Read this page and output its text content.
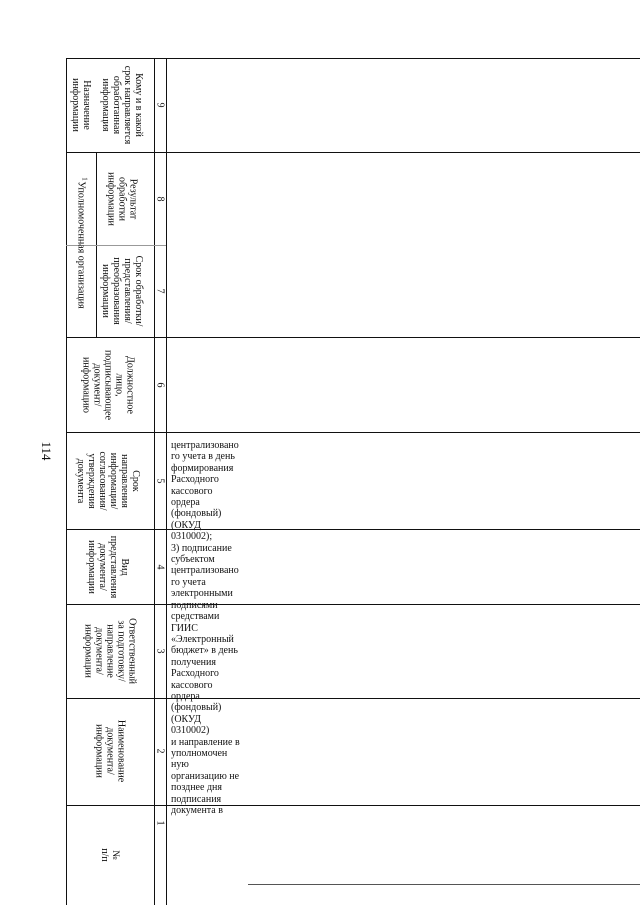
114
Кому и в какой
срок направляется
обработанная
информация
Результат
обработки
информации
Срок обработки/
представления/
преобразования
информации
Должностное
лицо,
подписывающее
документ/
информацию
Срок
направления
информации/
согласования/
утверждения
документа
Вид
представления
документа/
информации
Ответственный
за подготовку/
направление
документа/
информации
Наименование
документа/
информации
№
п/п
Назначение
информации
Уполномоченная организация
1
9
8
7
6
5
4
3
2
1
централизовано
го учета в день
формирования
Расходного
кассового
ордера
(фондовый)
(ОКУД
0310002);
3) подписание
субъектом
централизовано
го учета
электронными
подписями
средствами
ГИИС
«Электронный
бюджет» в день
получения
Расходного
кассового
ордера
(фондовый)
(ОКУД 0310002)
и направление в
уполномочен
ную
организацию не
позднее дня
подписания
документа в
